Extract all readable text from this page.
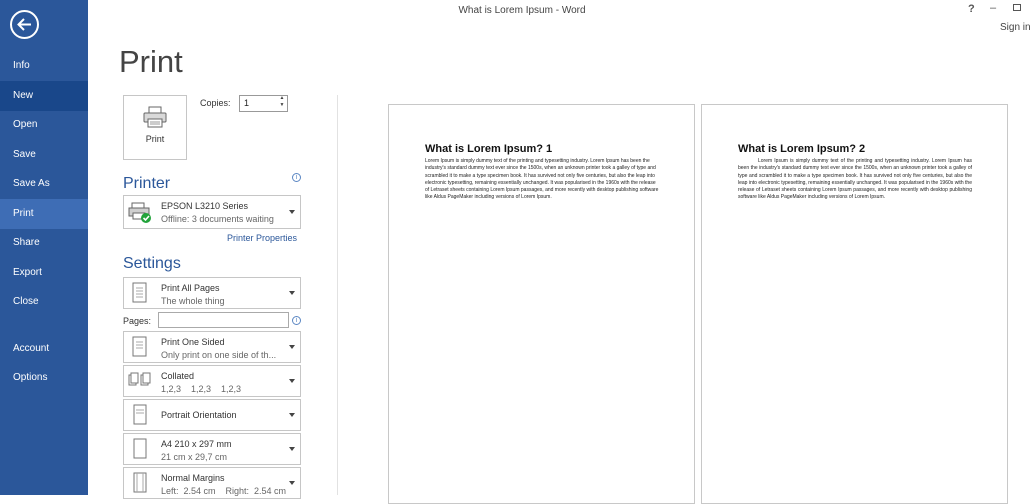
Info
New
Open
Save
Save As
Print
Share
Export
Close
Account
Options
What is Lorem Ipsum - Word	? –
Sign in
Print
Print
Copies:	1	▲
▼
Printer	i
EPSON L3210 Series
Offline: 3 documents waiting
Printer Properties
Settings
Print All Pages
The whole thing
Pages:	i
Print One Sided
Only print on one side of th...
Collated
1,2,3    1,2,3    1,2,3
Portrait Orientation
A4 210 x 297 mm
21 cm x 29,7 cm
Normal Margins
Left:  2.54 cm    Right:  2.54 cm
What is Lorem Ipsum? 1
Lorem Ipsum is simply dummy text of the printing and typesetting industry. Lorem Ipsum has been the industry's standard dummy text ever since the 1500s, when an unknown printer took a galley of type and scrambled it to make a type specimen book. It has survived not only five centuries, but also the leap into electronic typesetting, remaining essentially unchanged. It was popularised in the 1960s with the release of Letraset sheets containing Lorem Ipsum passages, and more recently with desktop publishing software like Aldus PageMaker including versions of Lorem Ipsum.
What is Lorem Ipsum? 2
Lorem Ipsum is simply dummy text of the printing and typesetting industry. Lorem Ipsum has been the industry's standard dummy text ever since the 1500s, when an unknown printer took a galley of type and scrambled it to make a type specimen book. It has survived not only five centuries, but also the leap into electronic typesetting, remaining essentially unchanged. It was popularised in the 1960s with the release of Letraset sheets containing Lorem Ipsum passages, and more recently with desktop publishing software like Aldus PageMaker including versions of Lorem Ipsum.
